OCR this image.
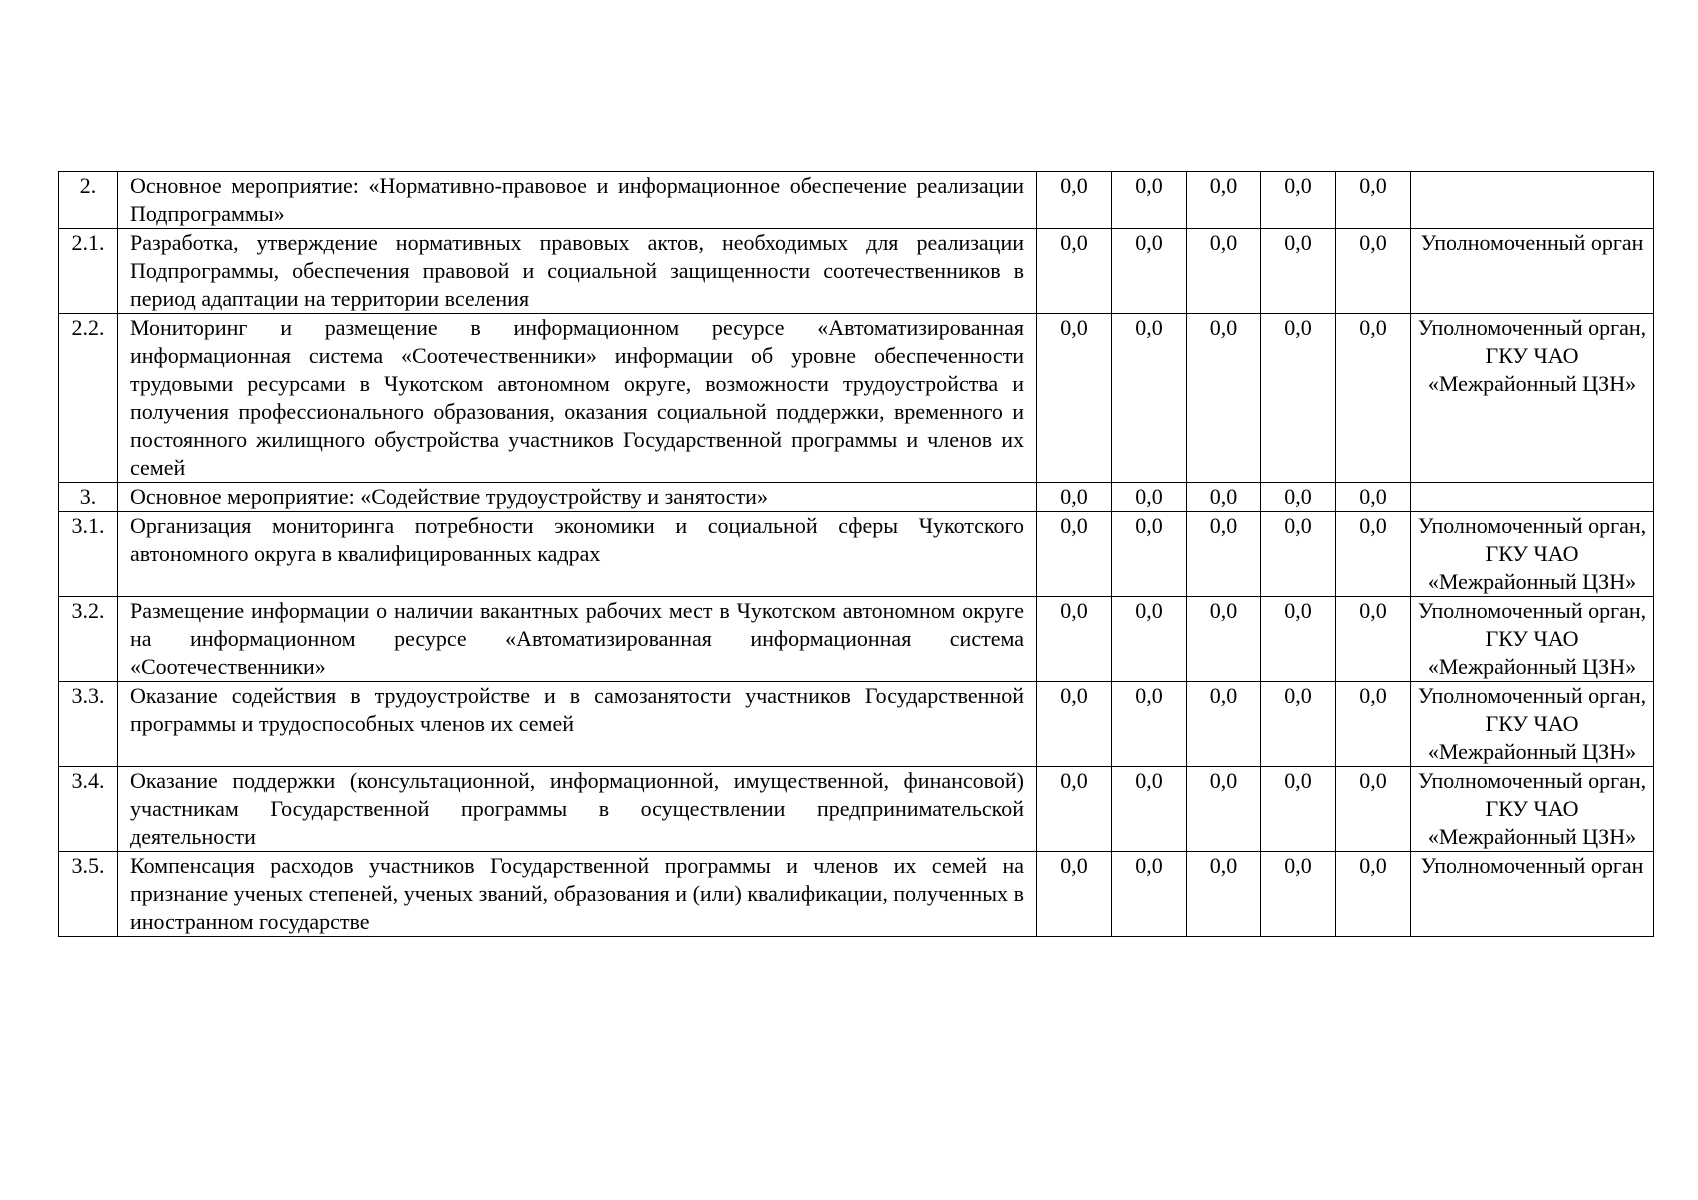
2.	Основное мероприятие: «Нормативно-правовое и информационное обеспечение реализации Подпрограммы»	0,0	0,0	0,0	0,0	0,0	
2.1.	Разработка, утверждение нормативных правовых актов, необходимых для реализации Подпрограммы, обеспечения правовой и социальной защищенности соотечественников в период адаптации на территории вселения	0,0	0,0	0,0	0,0	0,0	Уполномоченный орган
2.2.	Мониторинг и размещение в информационном ресурсе «Автоматизированная информационная система «Соотечественники» информации об уровне обеспеченности трудовыми ресурсами в Чукотском автономном округе, возможности трудоустройства и получения профессионального образования, оказания социальной поддержки, временного и постоянного жилищного обустройства участников Государственной программы и членов их семей	0,0	0,0	0,0	0,0	0,0	Уполномоченный орган, ГКУ ЧАО «Межрайонный ЦЗН»
3.	Основное мероприятие: «Содействие трудоустройству и занятости»	0,0	0,0	0,0	0,0	0,0	
3.1.	Организация мониторинга потребности экономики и социальной сферы Чукотского автономного округа в квалифицированных кадрах	0,0	0,0	0,0	0,0	0,0	Уполномоченный орган, ГКУ ЧАО «Межрайонный ЦЗН»
3.2.	Размещение информации о наличии вакантных рабочих мест в Чукотском автономном округе на информационном ресурсе «Автоматизированная информационная система «Соотечественники»	0,0	0,0	0,0	0,0	0,0	Уполномоченный орган, ГКУ ЧАО «Межрайонный ЦЗН»
3.3.	Оказание содействия в трудоустройстве и в самозанятости участников Государственной программы и трудоспособных членов их семей	0,0	0,0	0,0	0,0	0,0	Уполномоченный орган, ГКУ ЧАО «Межрайонный ЦЗН»
3.4.	Оказание поддержки (консультационной, информационной, имущественной, финансовой) участникам Государственной программы в осуществлении предпринимательской деятельности	0,0	0,0	0,0	0,0	0,0	Уполномоченный орган, ГКУ ЧАО «Межрайонный ЦЗН»
3.5.	Компенсация расходов участников Государственной программы и членов их семей на признание ученых степеней, ученых званий, образования и (или) квалификации, полученных в иностранном государстве	0,0	0,0	0,0	0,0	0,0	Уполномоченный орган
